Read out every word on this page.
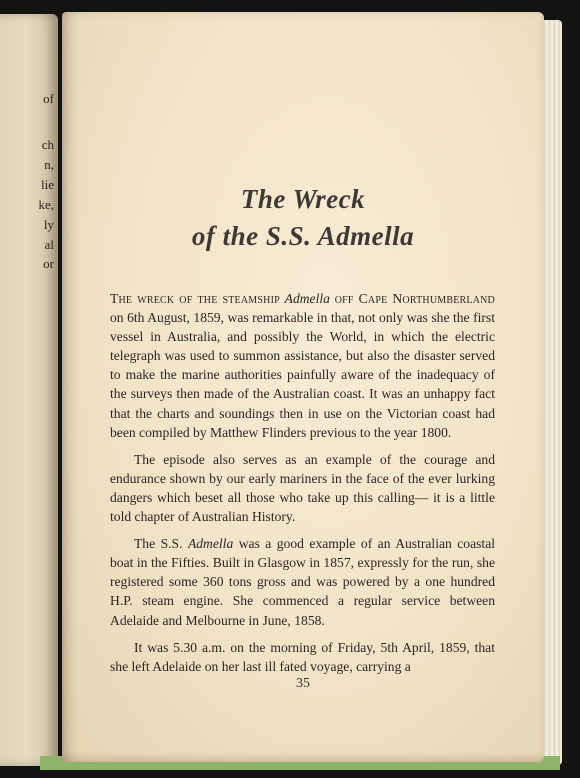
of
ch
n,
lie
ke,
ly
al
or
The Wreck
of the S.S. Admella

The wreck of the steamship Admella off Cape Northumberland on 6th August, 1859, was remarkable in that, not only was she the first vessel in Australia, and possibly the World, in which the electric telegraph was used to summon assistance, but also the disaster served to make the marine authorities painfully aware of the inadequacy of the surveys then made of the Australian coast. It was an unhappy fact that the charts and soundings then in use on the Victorian coast had been compiled by Matthew Flinders previous to the year 1800.

The episode also serves as an example of the courage and endurance shown by our early mariners in the face of the ever lurking dangers which beset all those who take up this calling— it is a little told chapter of Australian History.

The S.S. Admella was a good example of an Australian coastal boat in the Fifties. Built in Glasgow in 1857, expressly for the run, she registered some 360 tons gross and was powered by a one hundred H.P. steam engine. She commenced a regular service between Adelaide and Melbourne in June, 1858.

It was 5.30 a.m. on the morning of Friday, 5th April, 1859, that she left Adelaide on her last ill fated voyage, carrying a

35
